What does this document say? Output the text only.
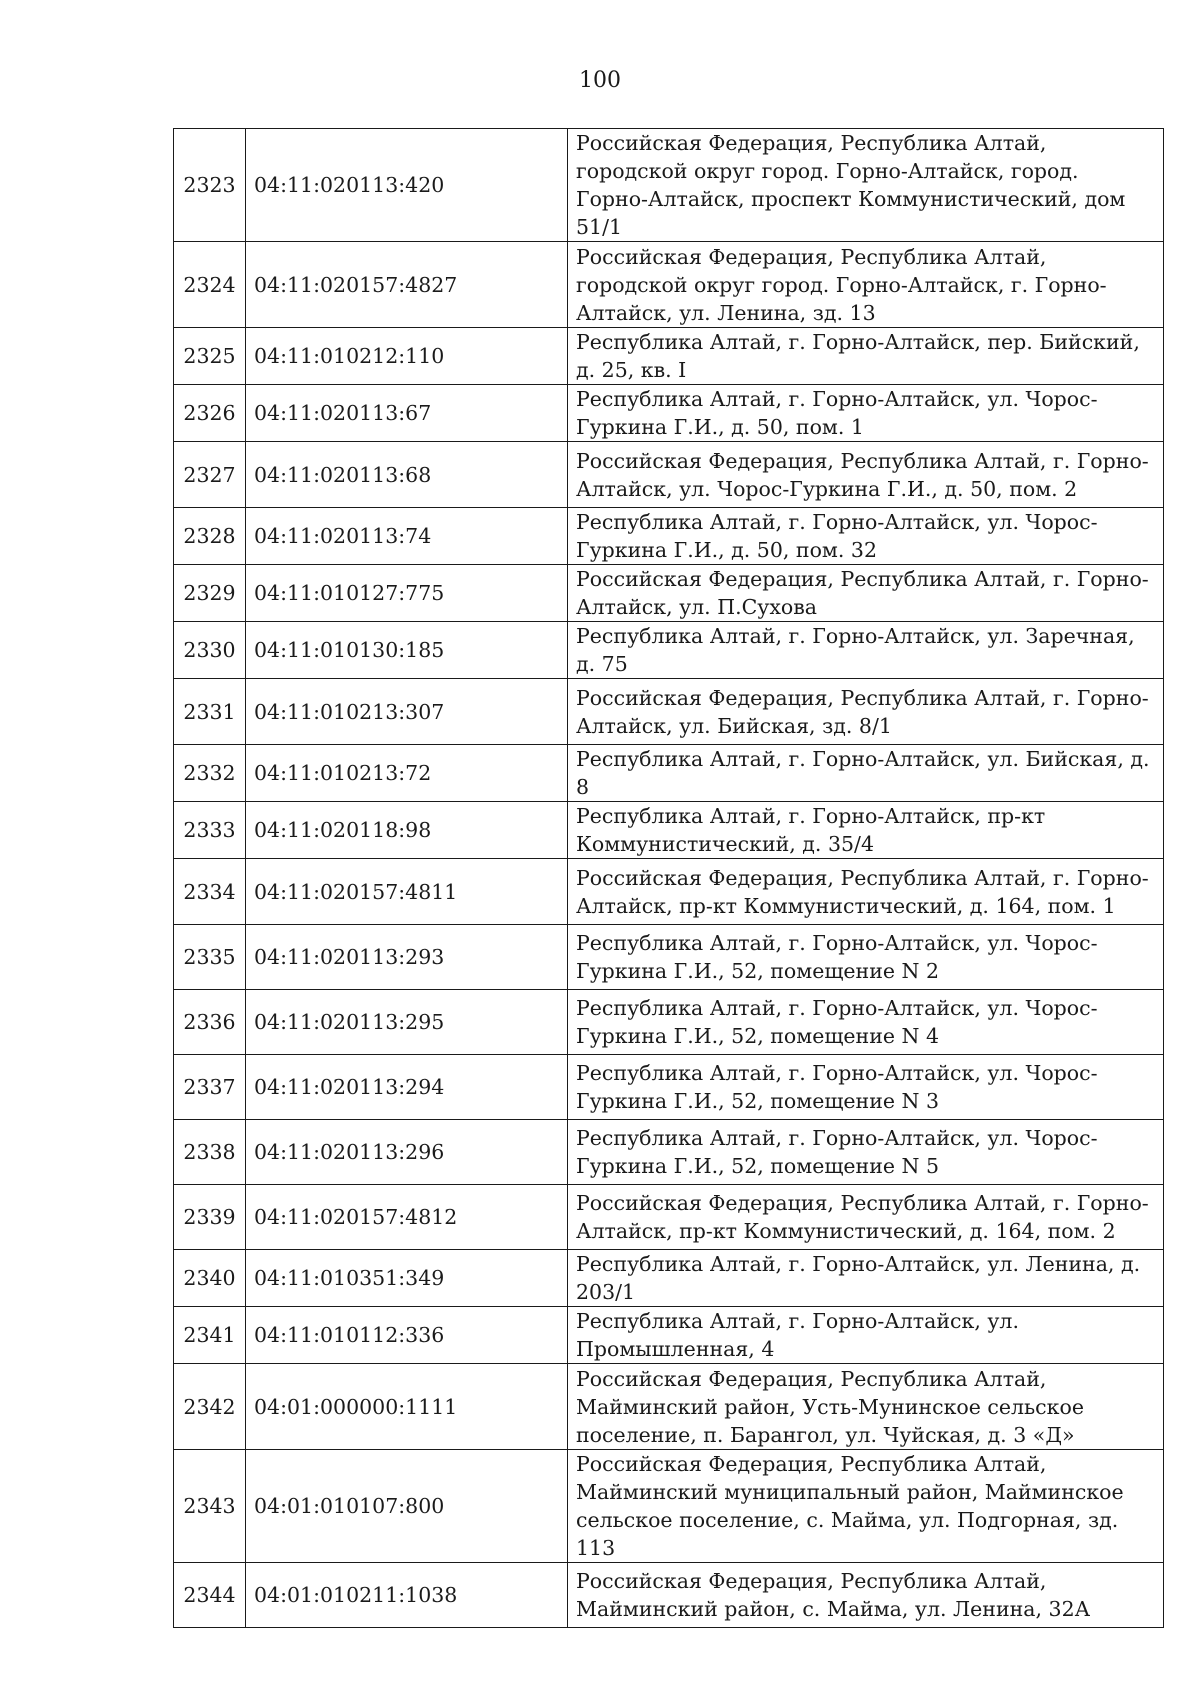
100
2323	04:11:020113:420	Российская Федерация, Республика Алтай, городской округ город. Горно-Алтайск, город. Горно-Алтайск, проспект Коммунистический, дом 51/1
2324	04:11:020157:4827	Российская Федерация, Республика Алтай, городской округ город. Горно-Алтайск, г. Горно-Алтайск, ул. Ленина, зд. 13
2325	04:11:010212:110	Республика Алтай, г. Горно-Алтайск, пер. Бийский, д. 25, кв. I
2326	04:11:020113:67	Республика Алтай, г. Горно-Алтайск, ул. Чорос-Гуркина Г.И., д. 50, пом. 1
2327	04:11:020113:68	Российская Федерация, Республика Алтай, г. Горно-Алтайск, ул. Чорос-Гуркина Г.И., д. 50, пом. 2
2328	04:11:020113:74	Республика Алтай, г. Горно-Алтайск, ул. Чорос-Гуркина Г.И., д. 50, пом. 32
2329	04:11:010127:775	Российская Федерация, Республика Алтай, г. Горно-Алтайск, ул. П.Сухова
2330	04:11:010130:185	Республика Алтай, г. Горно-Алтайск, ул. Заречная, д. 75
2331	04:11:010213:307	Российская Федерация, Республика Алтай, г. Горно-Алтайск, ул. Бийская, зд. 8/1
2332	04:11:010213:72	Республика Алтай, г. Горно-Алтайск, ул. Бийская, д. 8
2333	04:11:020118:98	Республика Алтай, г. Горно-Алтайск, пр-кт Коммунистический, д. 35/4
2334	04:11:020157:4811	Российская Федерация, Республика Алтай, г. Горно-Алтайск, пр-кт Коммунистический, д. 164, пом. 1
2335	04:11:020113:293	Республика Алтай, г. Горно-Алтайск, ул. Чорос-Гуркина Г.И., 52, помещение N 2
2336	04:11:020113:295	Республика Алтай, г. Горно-Алтайск, ул. Чорос-Гуркина Г.И., 52, помещение N 4
2337	04:11:020113:294	Республика Алтай, г. Горно-Алтайск, ул. Чорос-Гуркина Г.И., 52, помещение N 3
2338	04:11:020113:296	Республика Алтай, г. Горно-Алтайск, ул. Чорос-Гуркина Г.И., 52, помещение N 5
2339	04:11:020157:4812	Российская Федерация, Республика Алтай, г. Горно-Алтайск, пр-кт Коммунистический, д. 164, пом. 2
2340	04:11:010351:349	Республика Алтай, г. Горно-Алтайск, ул. Ленина, д. 203/1
2341	04:11:010112:336	Республика Алтай, г. Горно-Алтайск, ул. Промышленная, 4
2342	04:01:000000:1111	Российская Федерация, Республика Алтай, Майминский район, Усть-Мунинское сельское поселение, п. Барангол, ул. Чуйская, д. 3 «Д»
2343	04:01:010107:800	Российская Федерация, Республика Алтай, Майминский муниципальный район, Майминское сельское поселение, с. Майма, ул. Подгорная, зд. 113
2344	04:01:010211:1038	Российская Федерация, Республика Алтай, Майминский район, с. Майма, ул. Ленина, 32А
